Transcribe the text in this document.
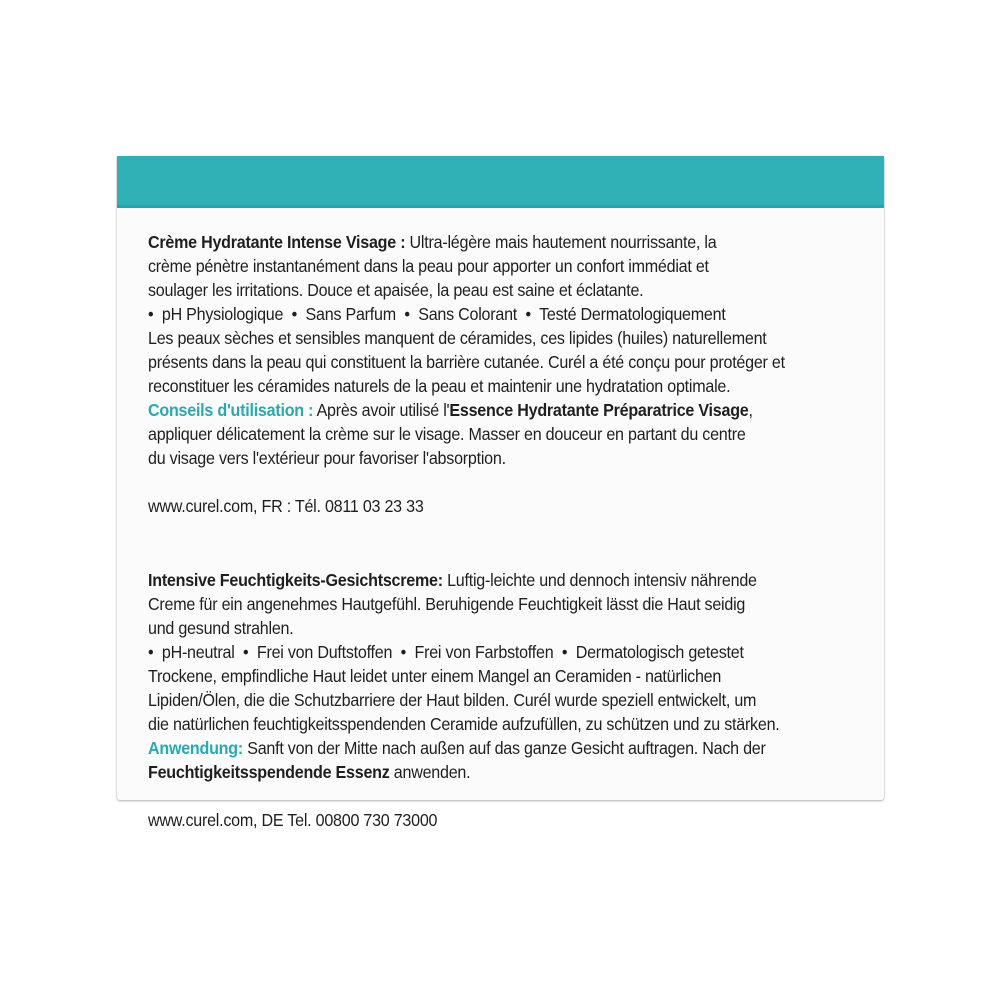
Crème Hydratante Intense Visage : Ultra-légère mais hautement nourrissante, la

crème pénètre instantanément dans la peau pour apporter un confort immédiat et

soulager les irritations. Douce et apaisée, la peau est saine et éclatante.

•  pH Physiologique  •  Sans Parfum  •  Sans Colorant  •  Testé Dermatologiquement

Les peaux sèches et sensibles manquent de céramides, ces lipides (huiles) naturellement

présents dans la peau qui constituent la barrière cutanée. Curél a été conçu pour protéger et

reconstituer les céramides naturels de la peau et maintenir une hydratation optimale.

Conseils d'utilisation : Après avoir utilisé l'Essence Hydratante Préparatrice Visage,

appliquer délicatement la crème sur le visage. Masser en douceur en partant du centre

du visage vers l'extérieur pour favoriser l'absorption.

www.curel.com, FR : Tél. 0811 03 23 33

Intensive Feuchtigkeits-Gesichtscreme: Luftig-leichte und dennoch intensiv nährende

Creme für ein angenehmes Hautgefühl. Beruhigende Feuchtigkeit lässt die Haut seidig

und gesund strahlen.

•  pH-neutral  •  Frei von Duftstoffen  •  Frei von Farbstoffen  •  Dermatologisch getestet

Trockene, empfindliche Haut leidet unter einem Mangel an Ceramiden - natürlichen

Lipiden/Ölen, die die Schutzbarriere der Haut bilden. Curél wurde speziell entwickelt, um

die natürlichen feuchtigkeitsspendenden Ceramide aufzufüllen, zu schützen und zu stärken.

Anwendung: Sanft von der Mitte nach außen auf das ganze Gesicht auftragen. Nach der

Feuchtigkeitsspendende Essenz anwenden.

www.curel.com, DE Tel. 00800 730 73000
